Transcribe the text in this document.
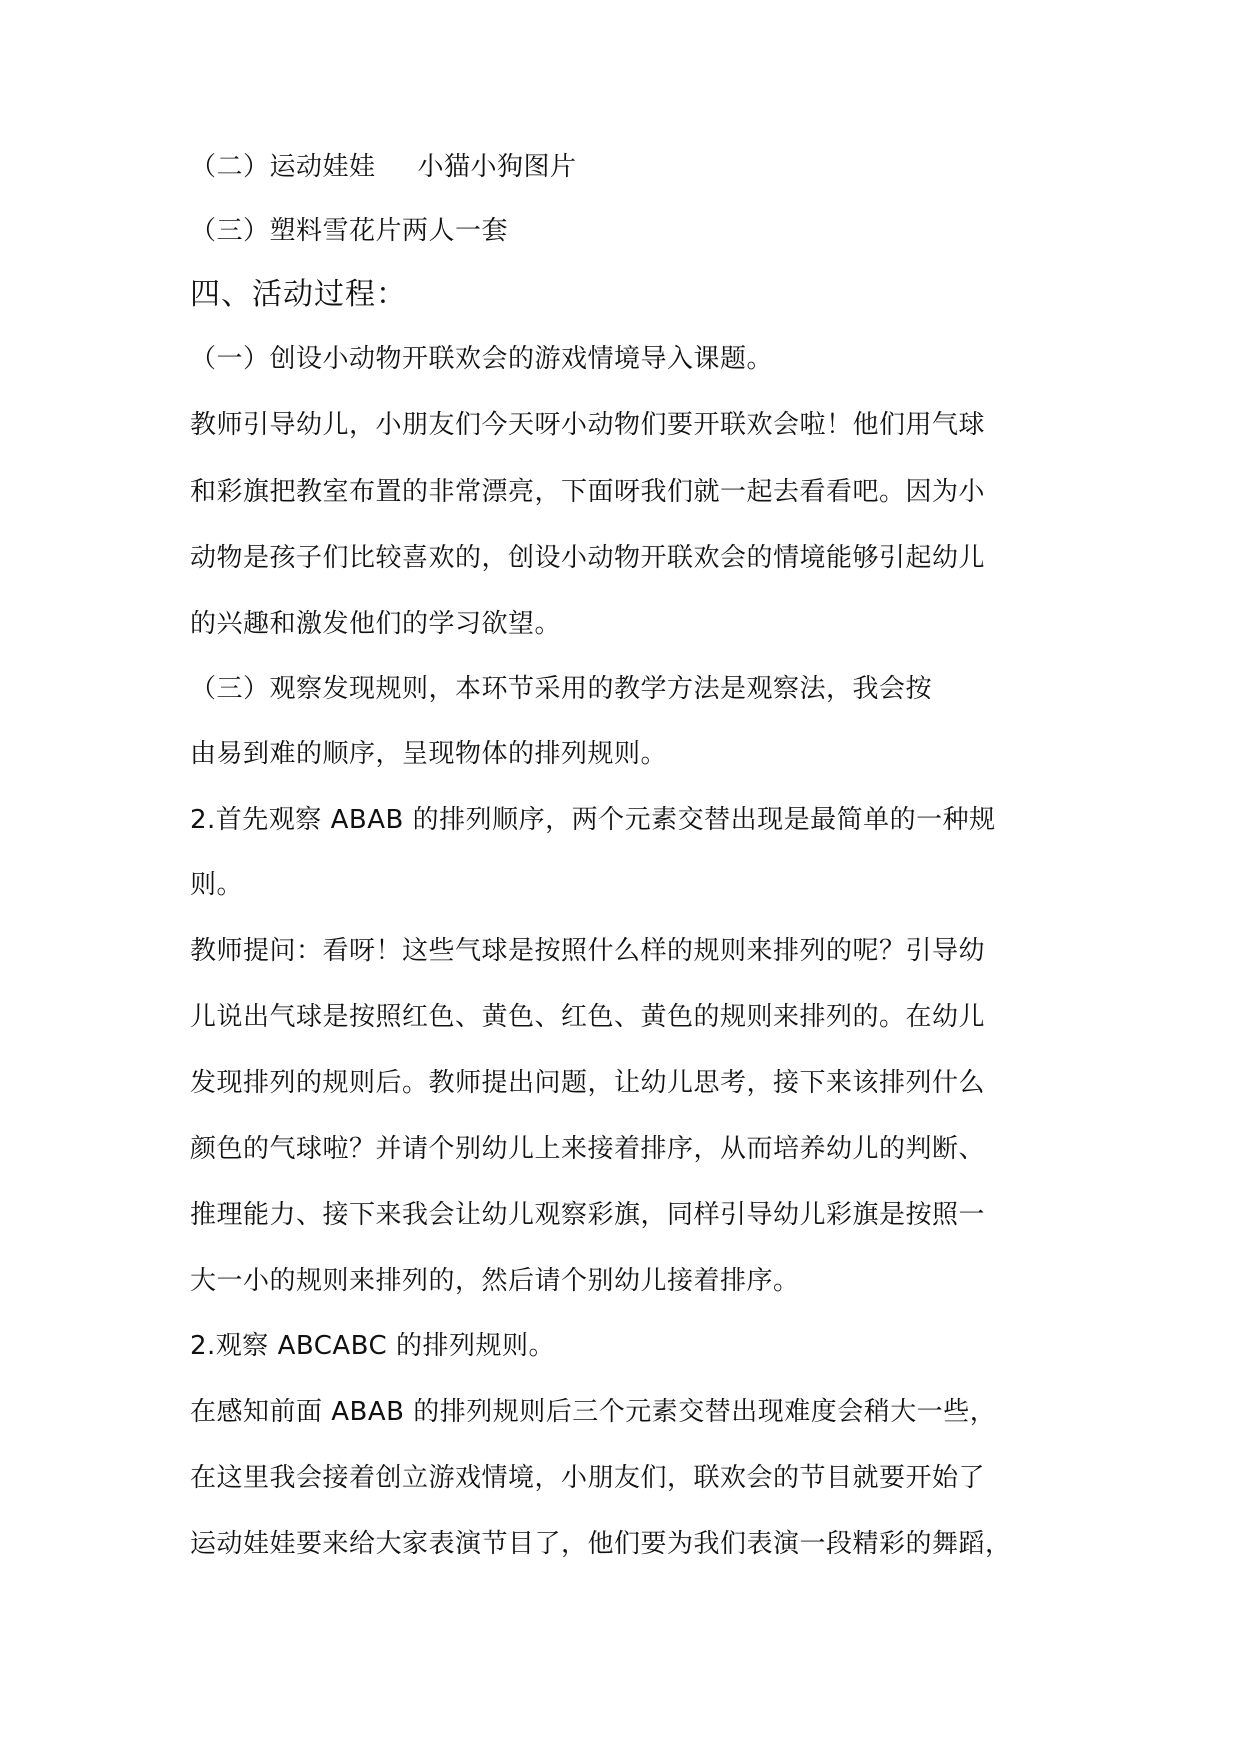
（二）运动娃娃 小猫小狗图片
（三）塑料雪花片两人一套
四、活动过程：
（一）创设小动物开联欢会的游戏情境导入课题。
教师引导幼儿，小朋友们今天呀小动物们要开联欢会啦！他们用气球
和彩旗把教室布置的非常漂亮，下面呀我们就一起去看看吧。因为小
动物是孩子们比较喜欢的，创设小动物开联欢会的情境能够引起幼儿
的兴趣和激发他们的学习欲望。
（三）观察发现规则，本环节采用的教学方法是观察法，我会按
由易到难的顺序，呈现物体的排列规则。
2.首先观察 ABAB 的排列顺序，两个元素交替出现是最简单的一种规
则。
教师提问：看呀！这些气球是按照什么样的规则来排列的呢？引导幼
儿说出气球是按照红色、黄色、红色、黄色的规则来排列的。在幼儿
发现排列的规则后。教师提出问题，让幼儿思考，接下来该排列什么
颜色的气球啦？并请个别幼儿上来接着排序，从而培养幼儿的判断、
推理能力、接下来我会让幼儿观察彩旗，同样引导幼儿彩旗是按照一
大一小的规则来排列的，然后请个别幼儿接着排序。
2.观察 ABCABC 的排列规则。
在感知前面 ABAB 的排列规则后三个元素交替出现难度会稍大一些，
在这里我会接着创立游戏情境，小朋友们，联欢会的节目就要开始了
运动娃娃要来给大家表演节目了，他们要为我们表演一段精彩的舞蹈，
